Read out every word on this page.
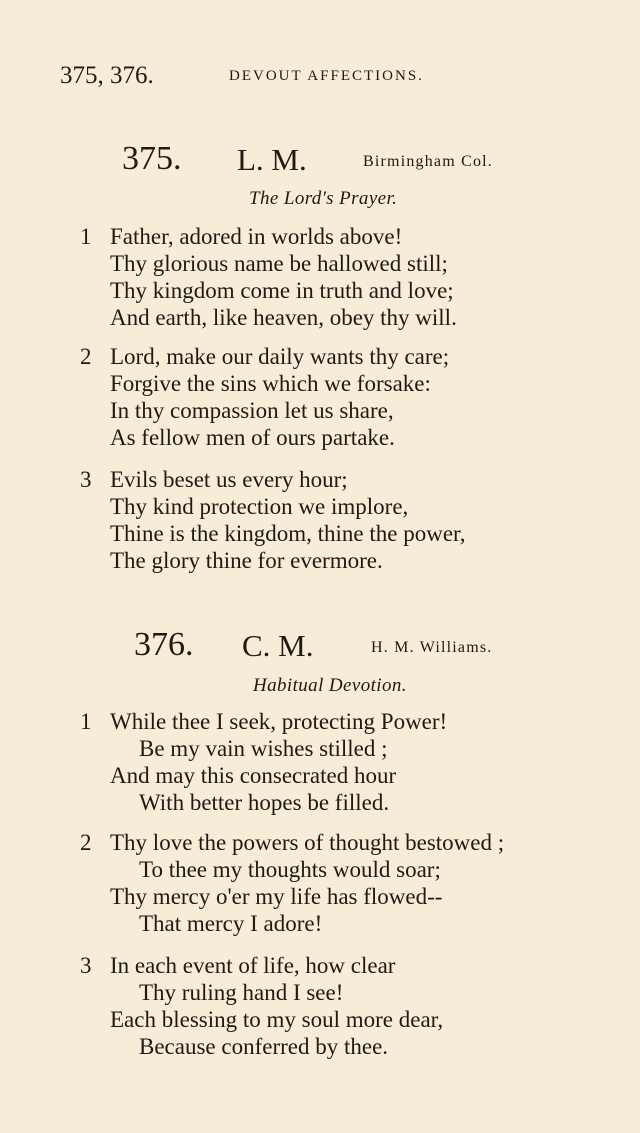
375, 376.	DEVOUT AFFECTIONS.
375. L. M.	Birmingham Col.
The Lord's Prayer.
1 Father, adored in worlds above!
Thy glorious name be hallowed still;
Thy kingdom come in truth and love;
And earth, like heaven, obey thy will.
2 Lord, make our daily wants thy care;
Forgive the sins which we forsake:
In thy compassion let us share,
As fellow men of ours partake.
3 Evils beset us every hour;
Thy kind protection we implore,
Thine is the kingdom, thine the power,
The glory thine for evermore.
376. C. M.	H. M. Williams.
Habitual Devotion.
1 While thee I seek, protecting Power!
Be my vain wishes stilled ;
And may this consecrated hour
With better hopes be filled.
2 Thy love the powers of thought bestowed ;
To thee my thoughts would soar;
Thy mercy o'er my life has flowed--
That mercy I adore!
3 In each event of life, how clear
Thy ruling hand I see!
Each blessing to my soul more dear,
Because conferred by thee.
